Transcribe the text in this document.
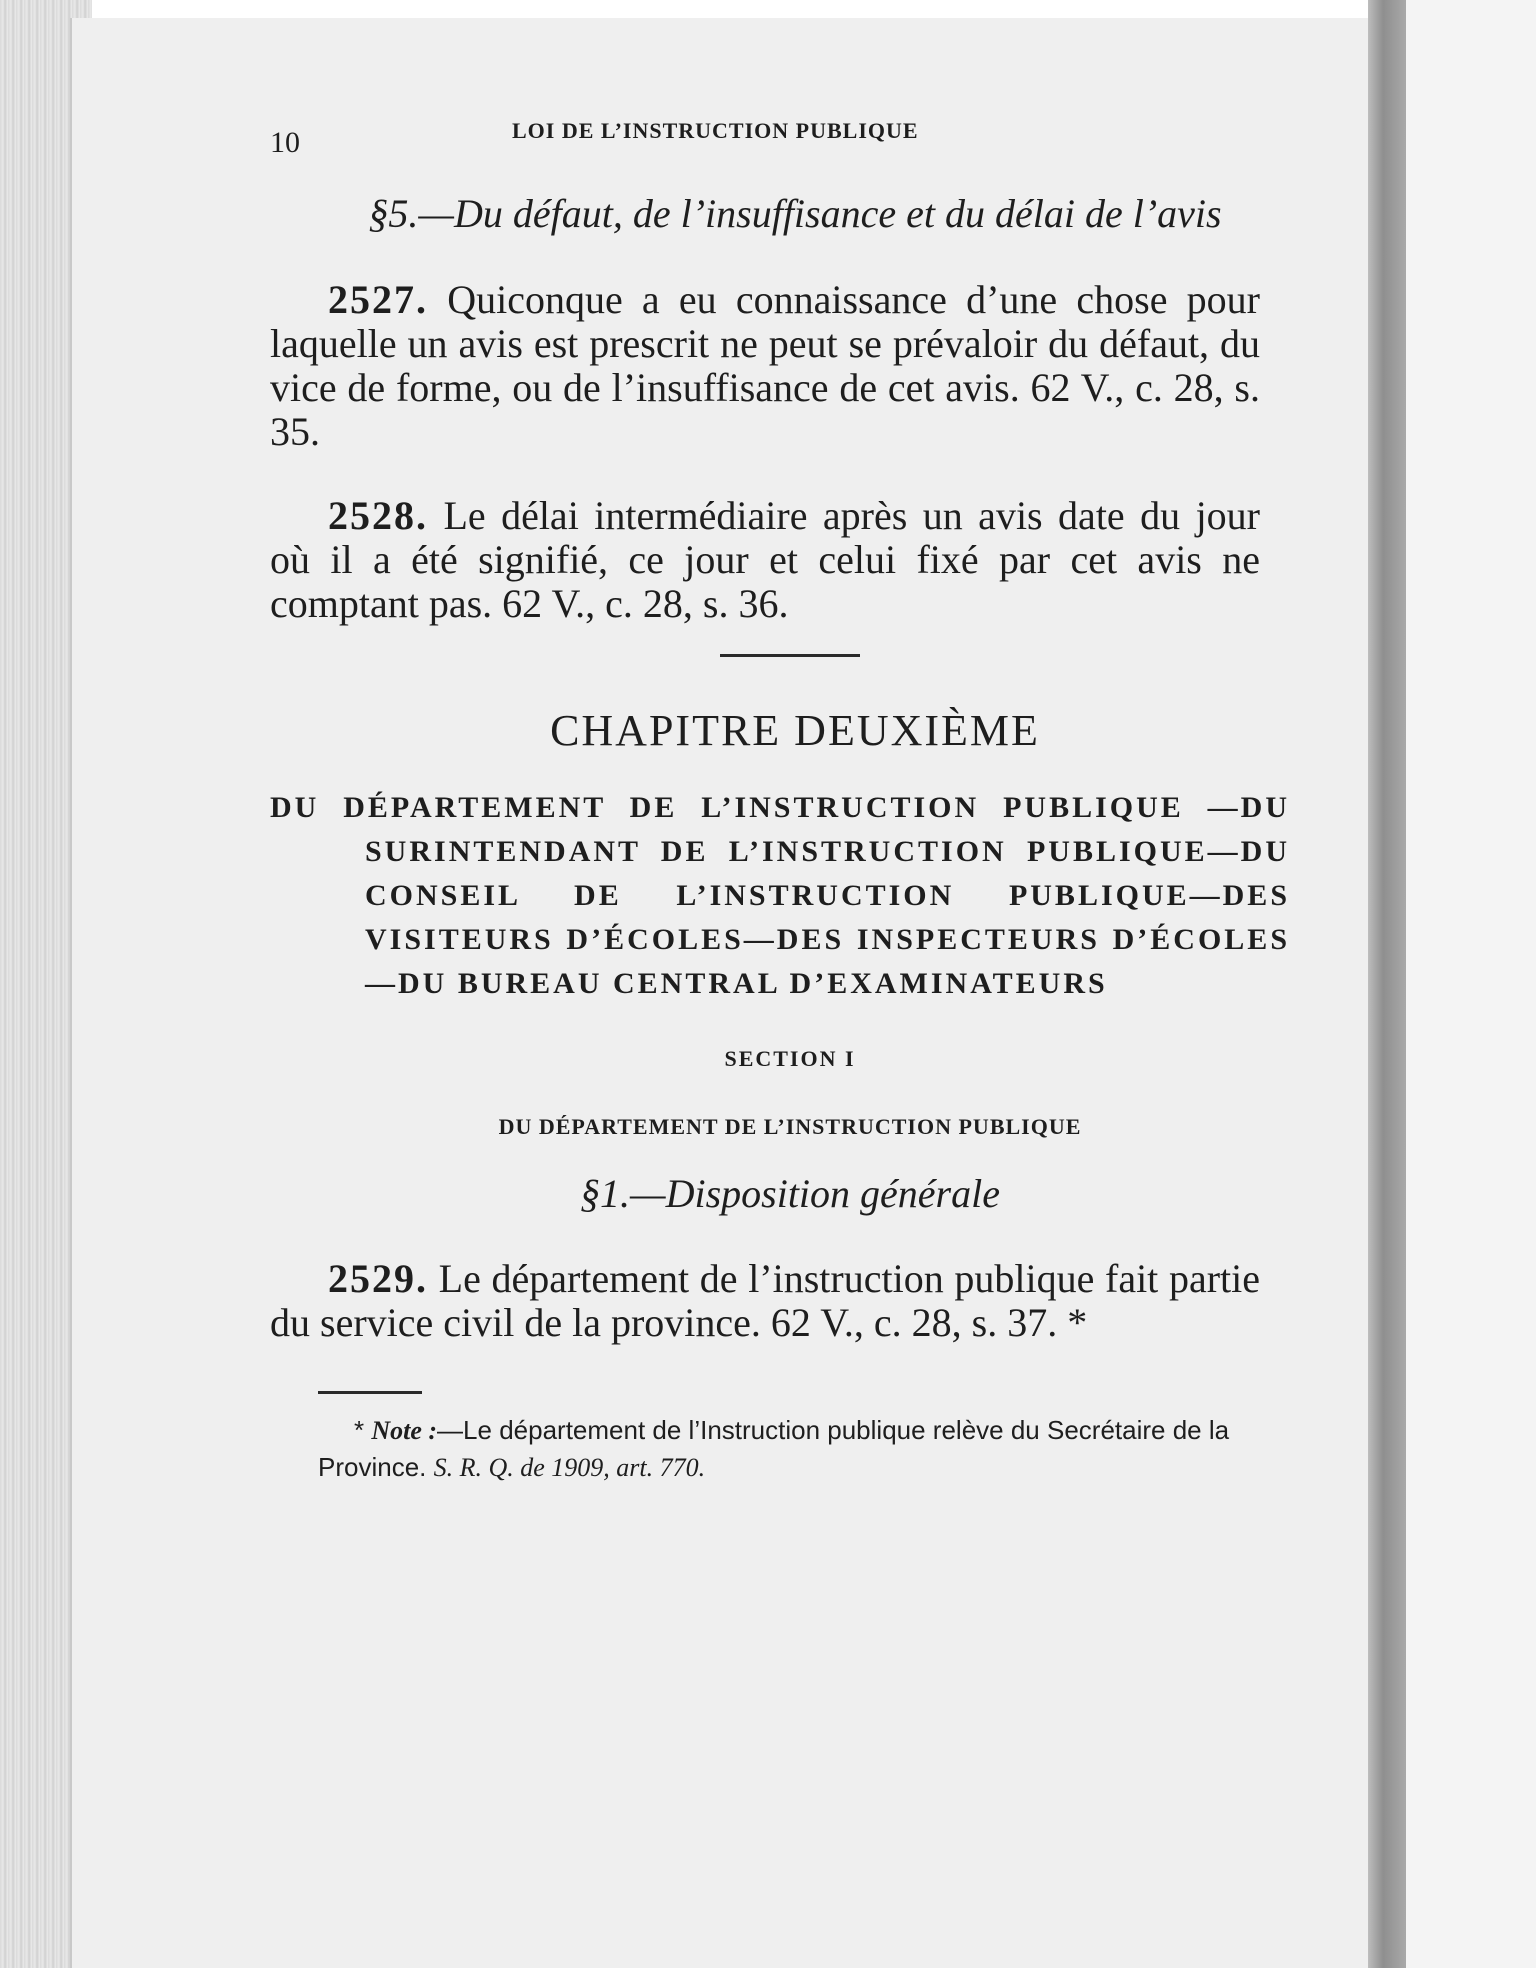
10	LOI DE L’INSTRUCTION PUBLIQUE
§5.—Du défaut, de l’insuffisance et du délai de l’avis

2527. Quiconque a eu connaissance d’une chose pour laquelle un avis est prescrit ne peut se prévaloir du défaut, du vice de forme, ou de l’insuffisance de cet avis. 62 V., c. 28, s. 35.

2528. Le délai intermédiaire après un avis date du jour où il a été signifié, ce jour et celui fixé par cet avis ne comptant pas. 62 V., c. 28, s. 36.

CHAPITRE DEUXIÈME

DU DÉPARTEMENT DE L’INSTRUCTION PUBLIQUE —DU SURINTENDANT DE L’INSTRUCTION PUBLIQUE—DU CONSEIL DE L’INSTRUCTION PUBLIQUE—DES VISITEURS D’ÉCOLES—DES INSPECTEURS D’ÉCOLES—DU BUREAU CENTRAL D’EXAMINATEURS

SECTION I
DU DÉPARTEMENT DE L’INSTRUCTION PUBLIQUE
§1.—Disposition générale

2529. Le département de l’instruction publique fait partie du service civil de la province. 62 V., c. 28, s. 37. *

* Note :—Le département de l’Instruction publique relève du Secrétaire de la Province. S. R. Q. de 1909, art. 770.
